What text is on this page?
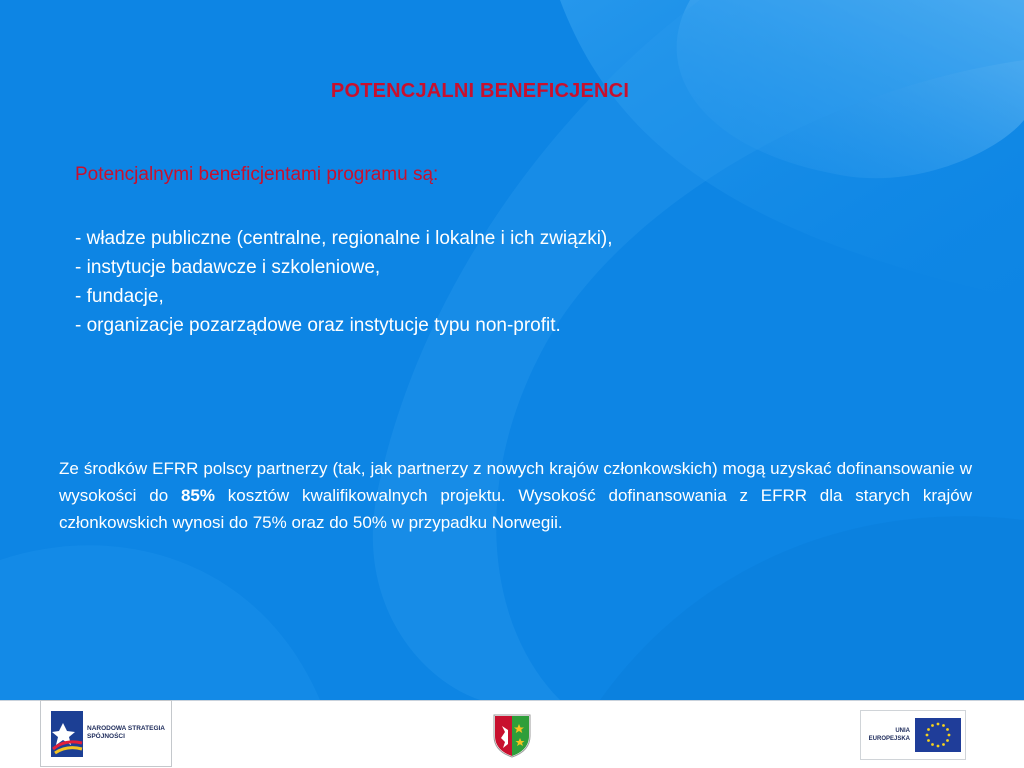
POTENCJALNI BENEFICJENCI
Potencjalnymi beneficjentami programu są:
- władze publiczne (centralne, regionalne i lokalne i ich związki),
- instytucje badawcze i szkoleniowe,
- fundacje,
- organizacje pozarządowe oraz instytucje typu non-profit.

Ze środków EFRR polscy partnerzy (tak, jak partnerzy z nowych krajów członkowskich) mogą uzyskać dofinansowanie w wysokości do 85% kosztów kwalifikowalnych projektu. Wysokość dofinansowania z EFRR dla starych krajów członkowskich wynosi do 75% oraz do 50% w przypadku Norwegii.

NARODOWA STRATEGIA SPÓJNOŚCI
UNIA EUROPEJSKA
